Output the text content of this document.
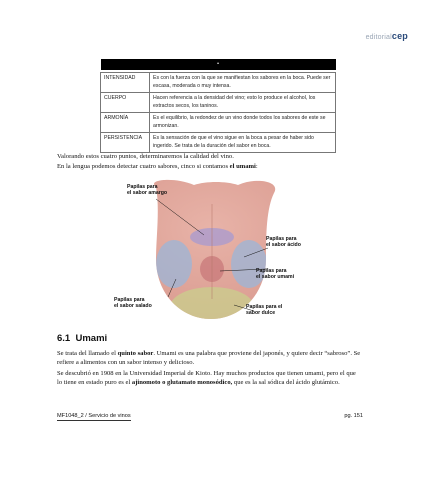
editorialcep
•	

INTENSIDAD	Es con la fuerza con la que se manifiestan los sabores en la boca. Puede ser escasa, moderada o muy intensa.
CUERPO	Hacen referencia a la densidad del vino; esto lo produce el alcohol, los extractos secos, los taninos.
ARMONÍA	Es el equilibrio, la redondez de un vino donde todos los sabores de este se armonizan.
PERSISTENCIA	Es la sensación de que el vino sigue en la boca a pesar de haber sido ingerido. Se trata de la duración del sabor en boca.
Valorando estos cuatro puntos, determinaremos la calidad del vino.
En la lengua podemos detectar cuatro sabores, cinco si contamos el umami:
Papilas para
el sabor amargo
Papilas para
el sabor ácido
Papilas para
el sabor umami
Papilas para
el sabor salado	Papilas para el
sabor dulce
6.1 Umami
Se trata del llamado el quinto sabor. Umami es una palabra que proviene del japonés, y quiere decir “sabroso”. Se refiere a alimentos con un sabor intenso y delicioso.
Se descubrió en 1908 en la Universidad Imperial de Kioto. Hay muchos productos que tienen umami, pero el que lo tiene en estado puro es el ajinomoto o glutamato monosódico, que es la sal sódica del ácido glutámico.
MF1048_2 / Servicio de vinos	pg. 151
